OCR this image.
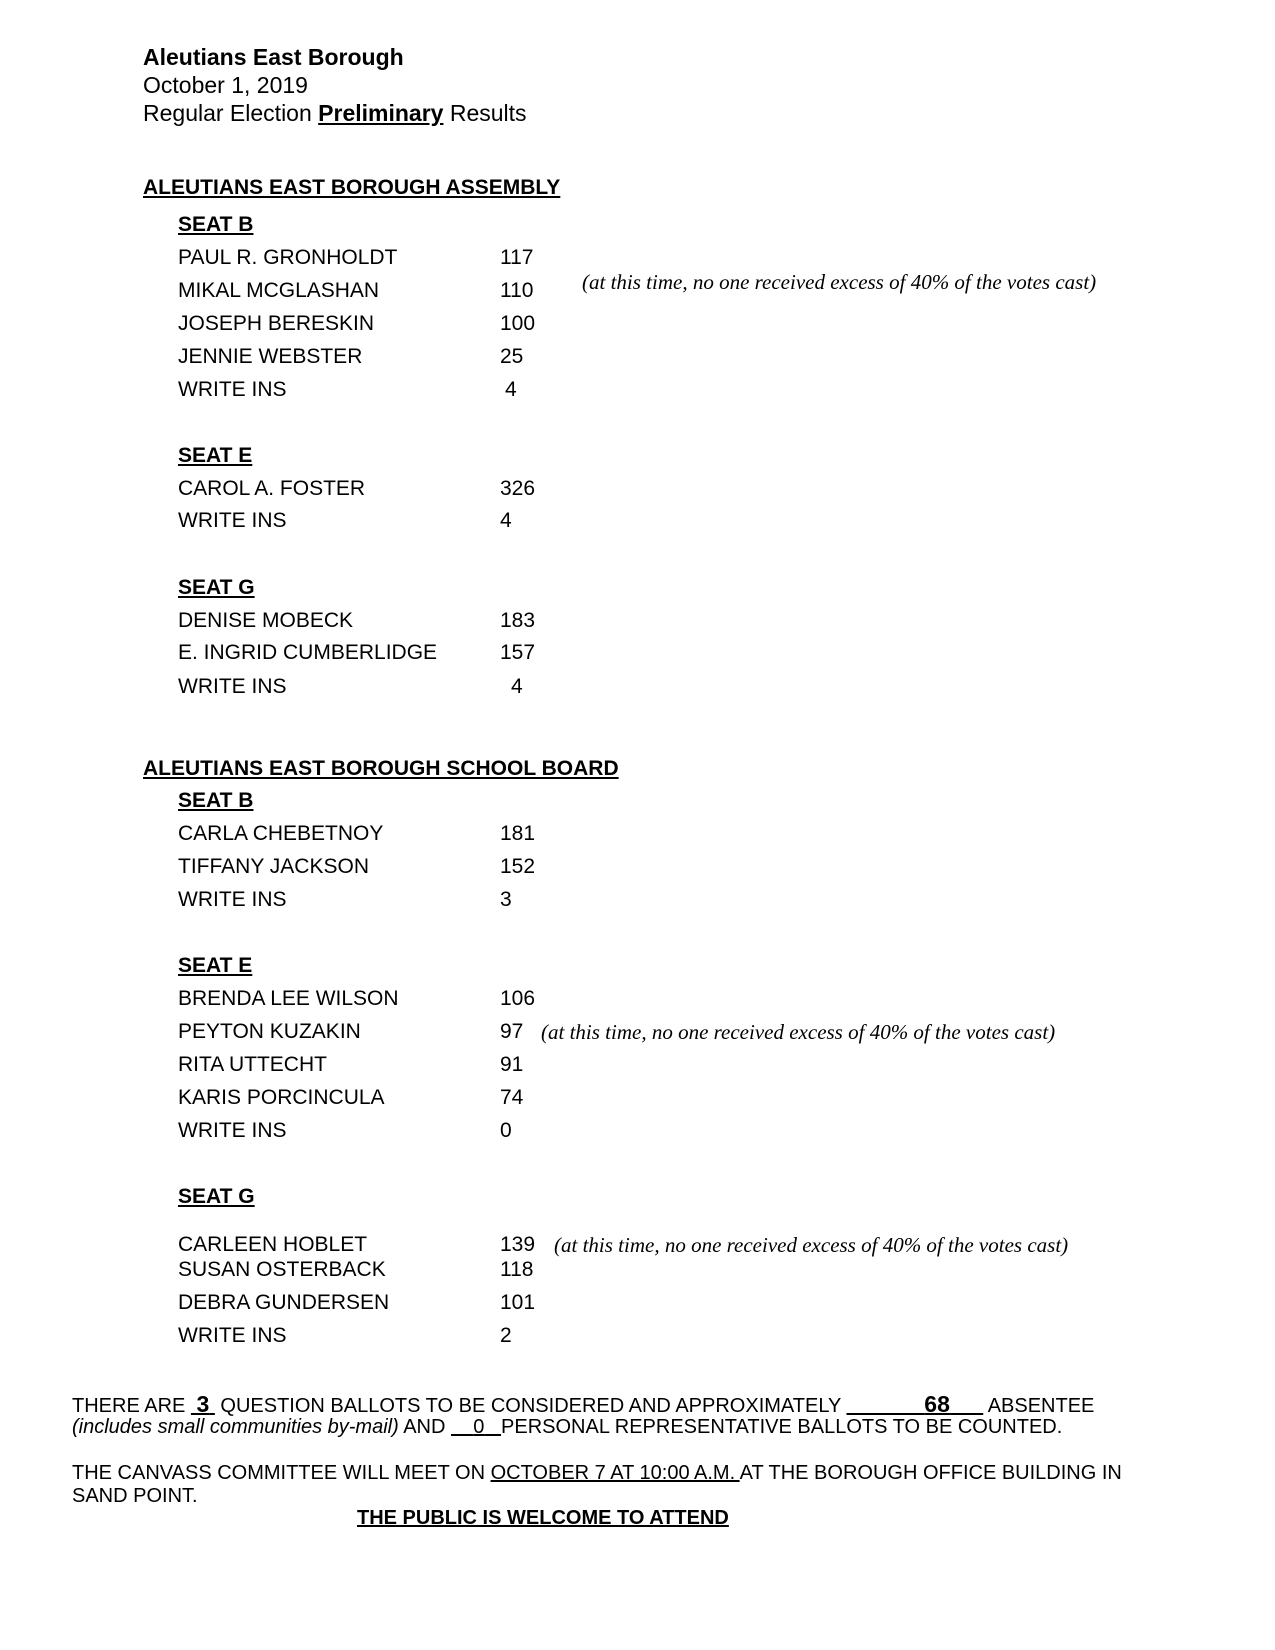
Aleutians East Borough
October 1, 2019
Regular Election Preliminary Results
ALEUTIANS EAST BOROUGH ASSEMBLY
SEAT B
PAUL R. GRONHOLDT	117
MIKAL MCGLASHAN	110 (at this time, no one received excess of 40% of the votes cast)
JOSEPH BERESKIN	100
JENNIE WEBSTER	25
WRITE INS	4
SEAT E
CAROL A. FOSTER	326
WRITE INS	4
SEAT G
DENISE MOBECK	183
E. INGRID CUMBERLIDGE	157
WRITE INS	4
ALEUTIANS EAST BOROUGH SCHOOL BOARD
SEAT B
CARLA CHEBETNOY	181
TIFFANY JACKSON	152
WRITE INS	3
SEAT E
BRENDA LEE WILSON	106
PEYTON KUZAKIN	97 (at this time, no one received excess of 40% of the votes cast)
RITA UTTECHT	91
KARIS PORCINCULA	74
WRITE INS	0
SEAT G
CARLEEN HOBLET	139 (at this time, no one received excess of 40% of the votes cast)
SUSAN OSTERBACK	118
DEBRA GUNDERSEN	101
WRITE INS	2
THERE ARE  3  QUESTION BALLOTS TO BE CONSIDERED AND APPROXIMATELY	68       ABSENTEE
(includes small communities by-mail) AND     0 PERSONAL REPRESENTATIVE BALLOTS TO BE COUNTED.
THE CANVASS COMMITTEE WILL MEET ON OCTOBER 7 AT 10:00 A.M. AT THE BOROUGH OFFICE BUILDING IN
SAND POINT.
THE PUBLIC IS WELCOME TO ATTEND
